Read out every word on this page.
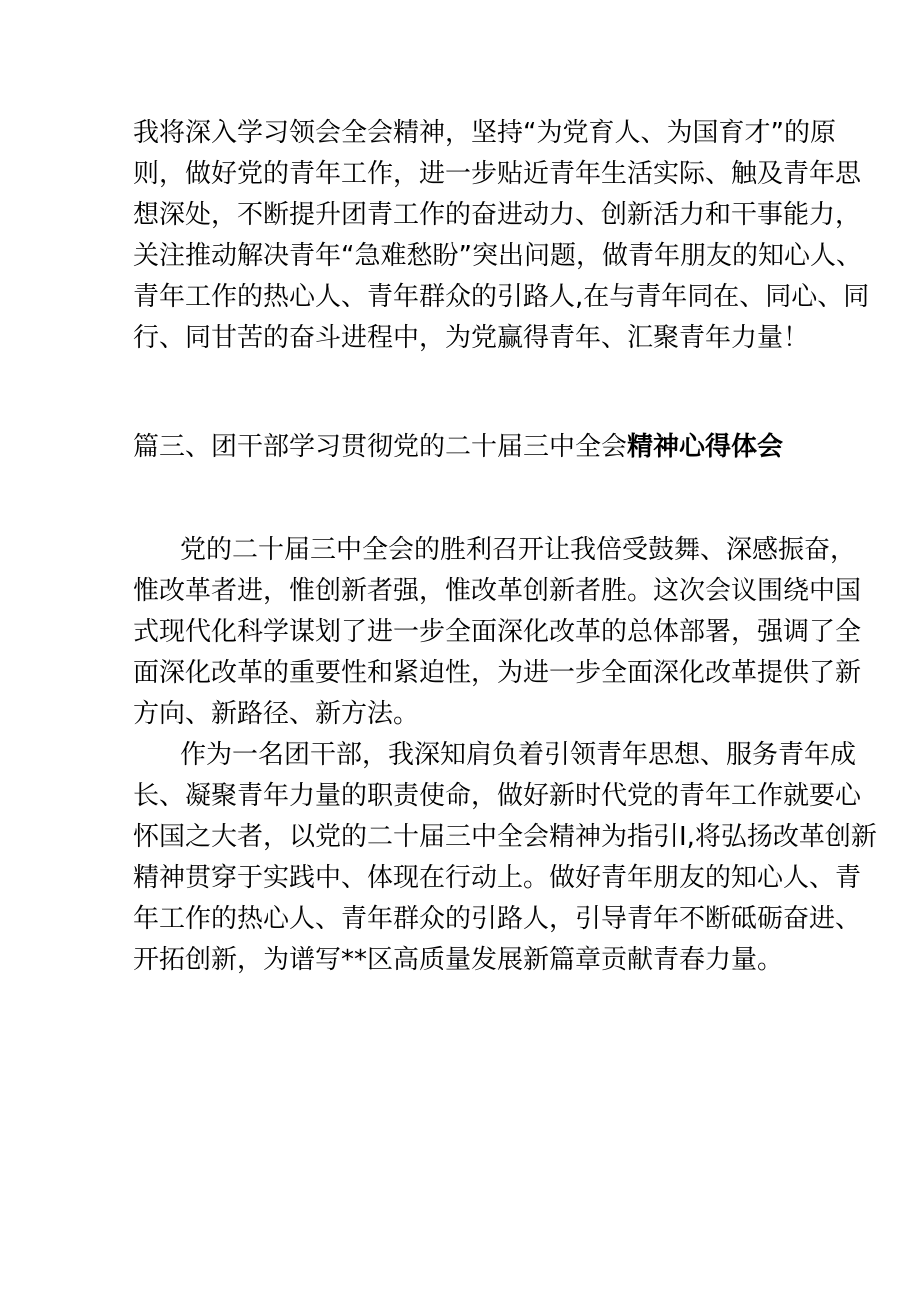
我将深入学习领会全会精神，坚持“为党育人、为国育才”的原
则，做好党的青年工作，进一步贴近青年生活实际、触及青年思
想深处，不断提升团青工作的奋进动力、创新活力和干事能力，
关注推动解决青年“急难愁盼”突出问题，做青年朋友的知心人、
青年工作的热心人、青年群众的引路人,在与青年同在、同心、同
行、同甘苦的奋斗进程中，为党赢得青年、汇聚青年力量！
篇三、团干部学习贯彻党的二十届三中全会精神心得体会
党的二十届三中全会的胜利召开让我倍受鼓舞、深感振奋，
惟改革者进，惟创新者强，惟改革创新者胜。这次会议围绕中国
式现代化科学谋划了进一步全面深化改革的总体部署，强调了全
面深化改革的重要性和紧迫性，为进一步全面深化改革提供了新
方向、新路径、新方法。
作为一名团干部，我深知肩负着引领青年思想、服务青年成
长、凝聚青年力量的职责使命，做好新时代党的青年工作就要心
怀国之大者，以党的二十届三中全会精神为指引I,将弘扬改革创新
精神贯穿于实践中、体现在行动上。做好青年朋友的知心人、青
年工作的热心人、青年群众的引路人，引导青年不断砥砺奋进、
开拓创新，为谱写**区高质量发展新篇章贡献青春力量。
